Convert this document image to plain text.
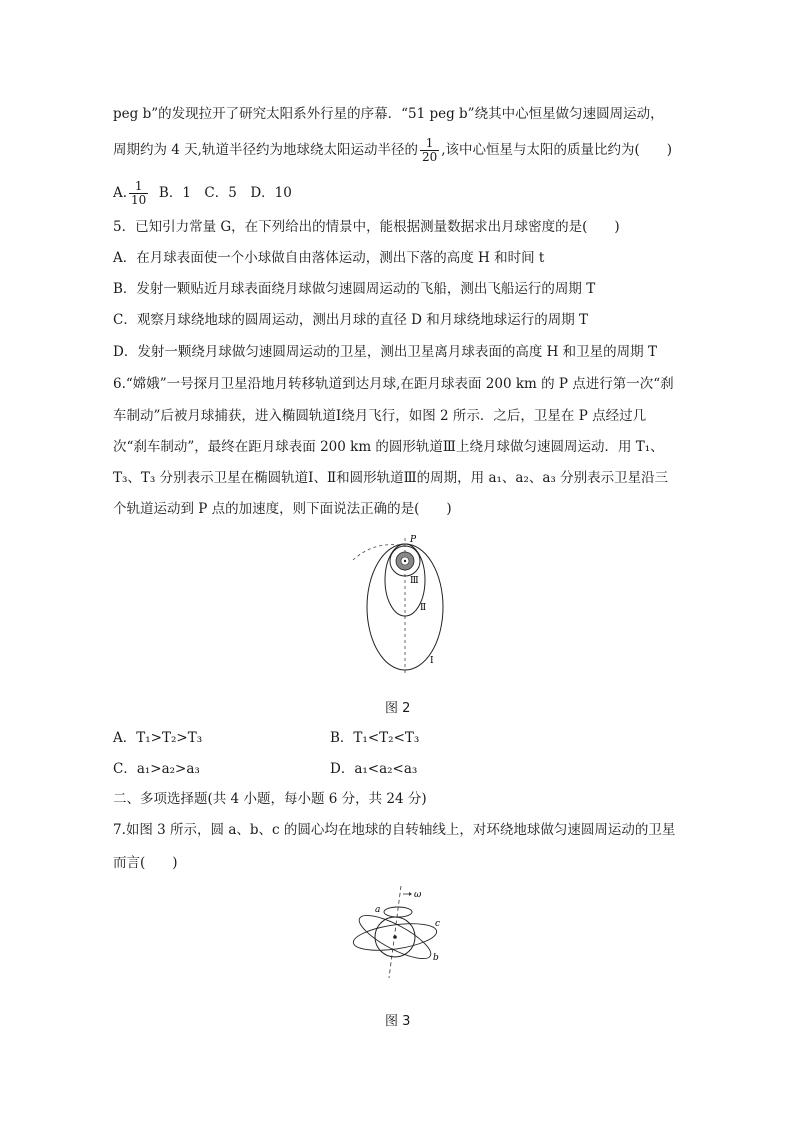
peg b”的发现拉开了研究太阳系外行星的序幕．“51 peg b”绕其中心恒星做匀速圆周运动，
周期约为 4 天,轨道半径约为地球绕太阳运动半径的 $\frac{1}{20}$ ,该中心恒星与太阳的质量比约为(　　)
A. $\frac{1}{10}$ B．1　C．5　D．10
5．已知引力常量 G，在下列给出的情景中，能根据测量数据求出月球密度的是(　　)
A．在月球表面使一个小球做自由落体运动，测出下落的高度 H 和时间 t
B．发射一颗贴近月球表面绕月球做匀速圆周运动的飞船，测出飞船运行的周期 T
C．观察月球绕地球的圆周运动，测出月球的直径 D 和月球绕地球运行的周期 T
D．发射一颗绕月球做匀速圆周运动的卫星，测出卫星离月球表面的高度 H 和卫星的周期 T
6.“嫦娥”一号探月卫星沿地月转移轨道到达月球,在距月球表面 200 km 的 P 点进行第一次“刹
车制动”后被月球捕获，进入椭圆轨道Ⅰ绕月飞行，如图 2 所示．之后，卫星在 P 点经过几
次“刹车制动”，最终在距月球表面 200 km 的圆形轨道Ⅲ上绕月球做匀速圆周运动．用 T₁、
T₃、T₃ 分别表示卫星在椭圆轨道Ⅰ、Ⅱ和圆形轨道Ⅲ的周期，用 a₁、a₂、a₃ 分别表示卫星沿三
个轨道运动到 P 点的加速度，则下面说法正确的是(　　)
P
Ⅲ
Ⅱ
Ⅰ
图 2
A．T₁>T₂>T₃	B．T₁<T₂<T₃
C．a₁>a₂>a₃	D．a₁<a₂<a₃
二、多项选择题(共 4 小题，每小题 6 分，共 24 分)
7.如图 3 所示，圆 a、b、c 的圆心均在地球的自转轴线上，对环绕地球做匀速圆周运动的卫星
而言(　　)
ω
a
c
b
图 3
